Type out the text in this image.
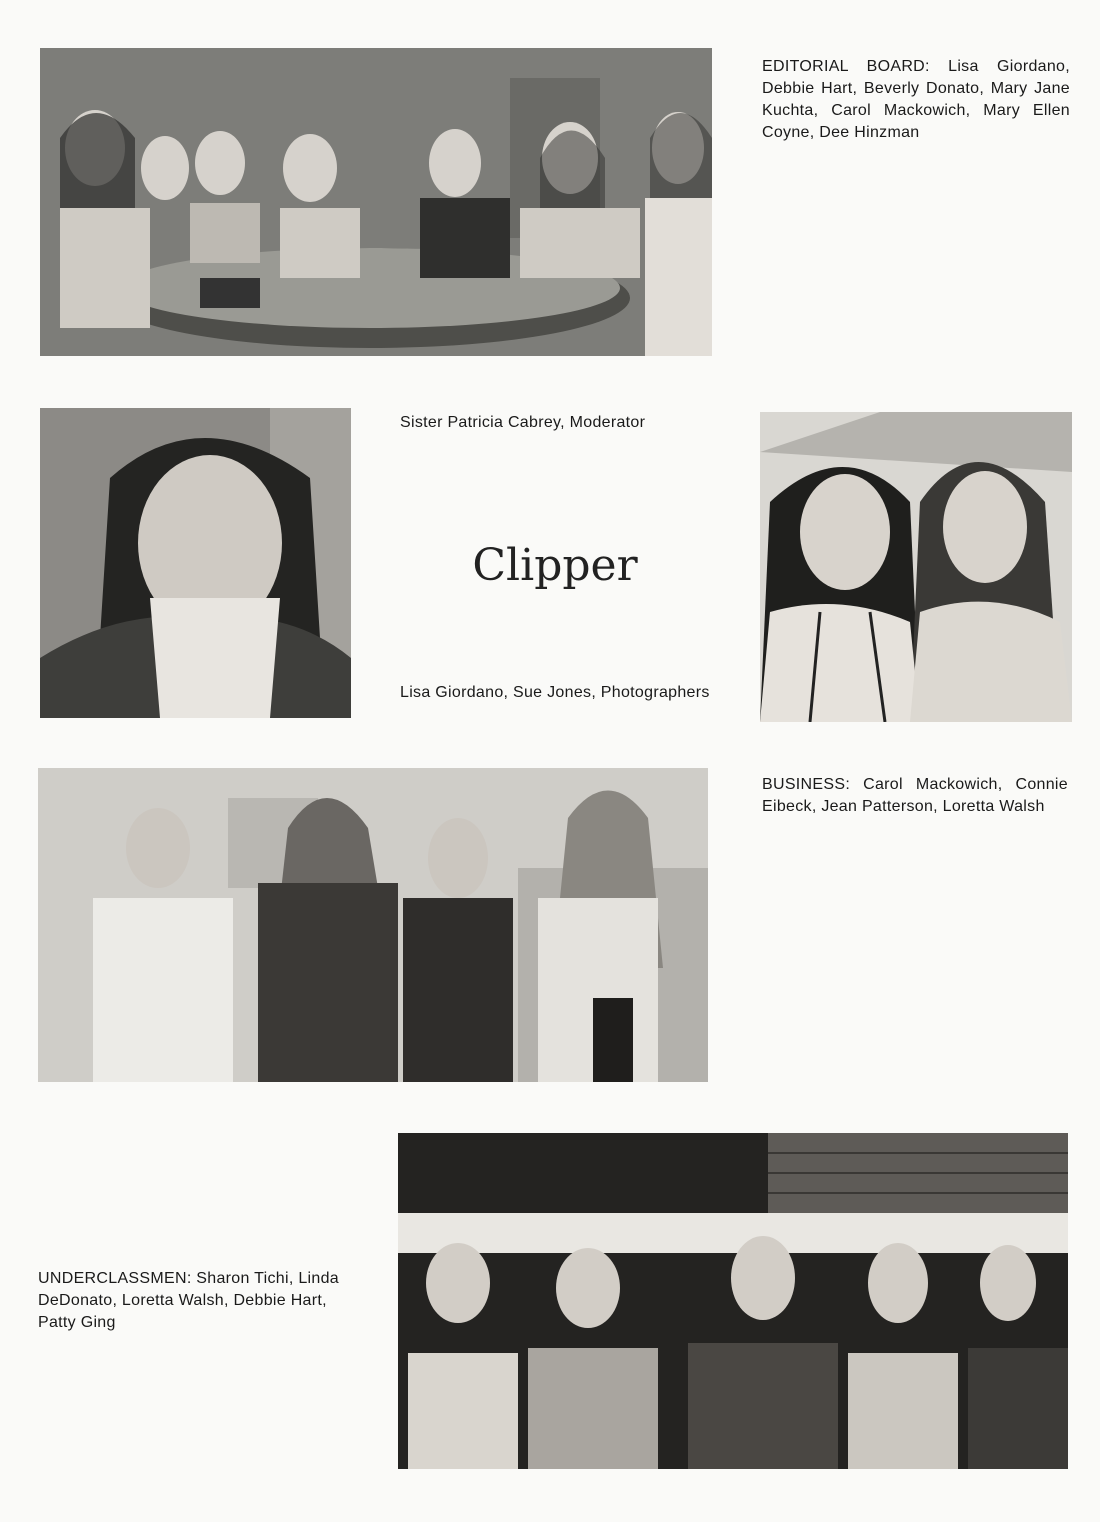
EDITORIAL BOARD: Lisa Giordano, Debbie Hart, Beverly Donato, Mary Jane Kuchta, Carol Mackowich, Mary Ellen Coyne, Dee Hinzman
Sister Patricia Cabrey, Moderator
Clipper
Lisa Giordano, Sue Jones, Photographers
BUSINESS: Carol Mackowich, Connie Eibeck, Jean Patterson, Loretta Walsh
UNDERCLASSMEN: Sharon Tichi, Linda DeDonato, Loretta Walsh, Debbie Hart, Patty Ging
